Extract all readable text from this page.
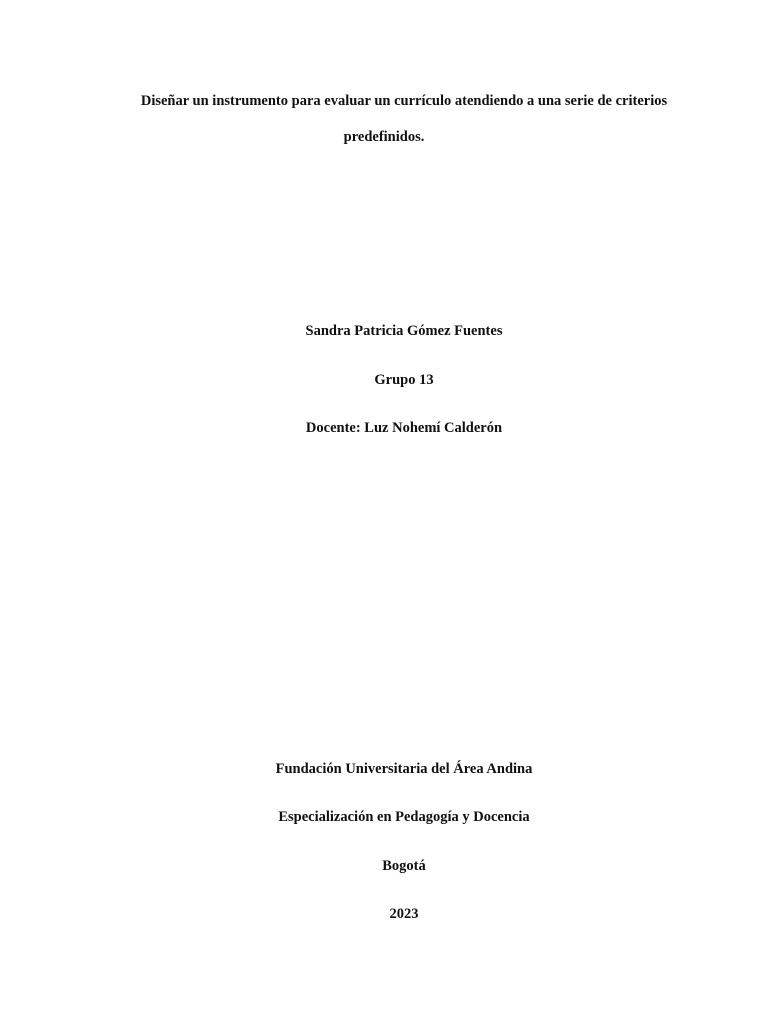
Diseñar un instrumento para evaluar un currículo atendiendo a una serie de criterios
predefinidos.
Sandra Patricia Gómez Fuentes
Grupo 13
Docente: Luz Nohemí Calderón
Fundación Universitaria del Área Andina
Especialización en Pedagogía y Docencia
Bogotá
2023
